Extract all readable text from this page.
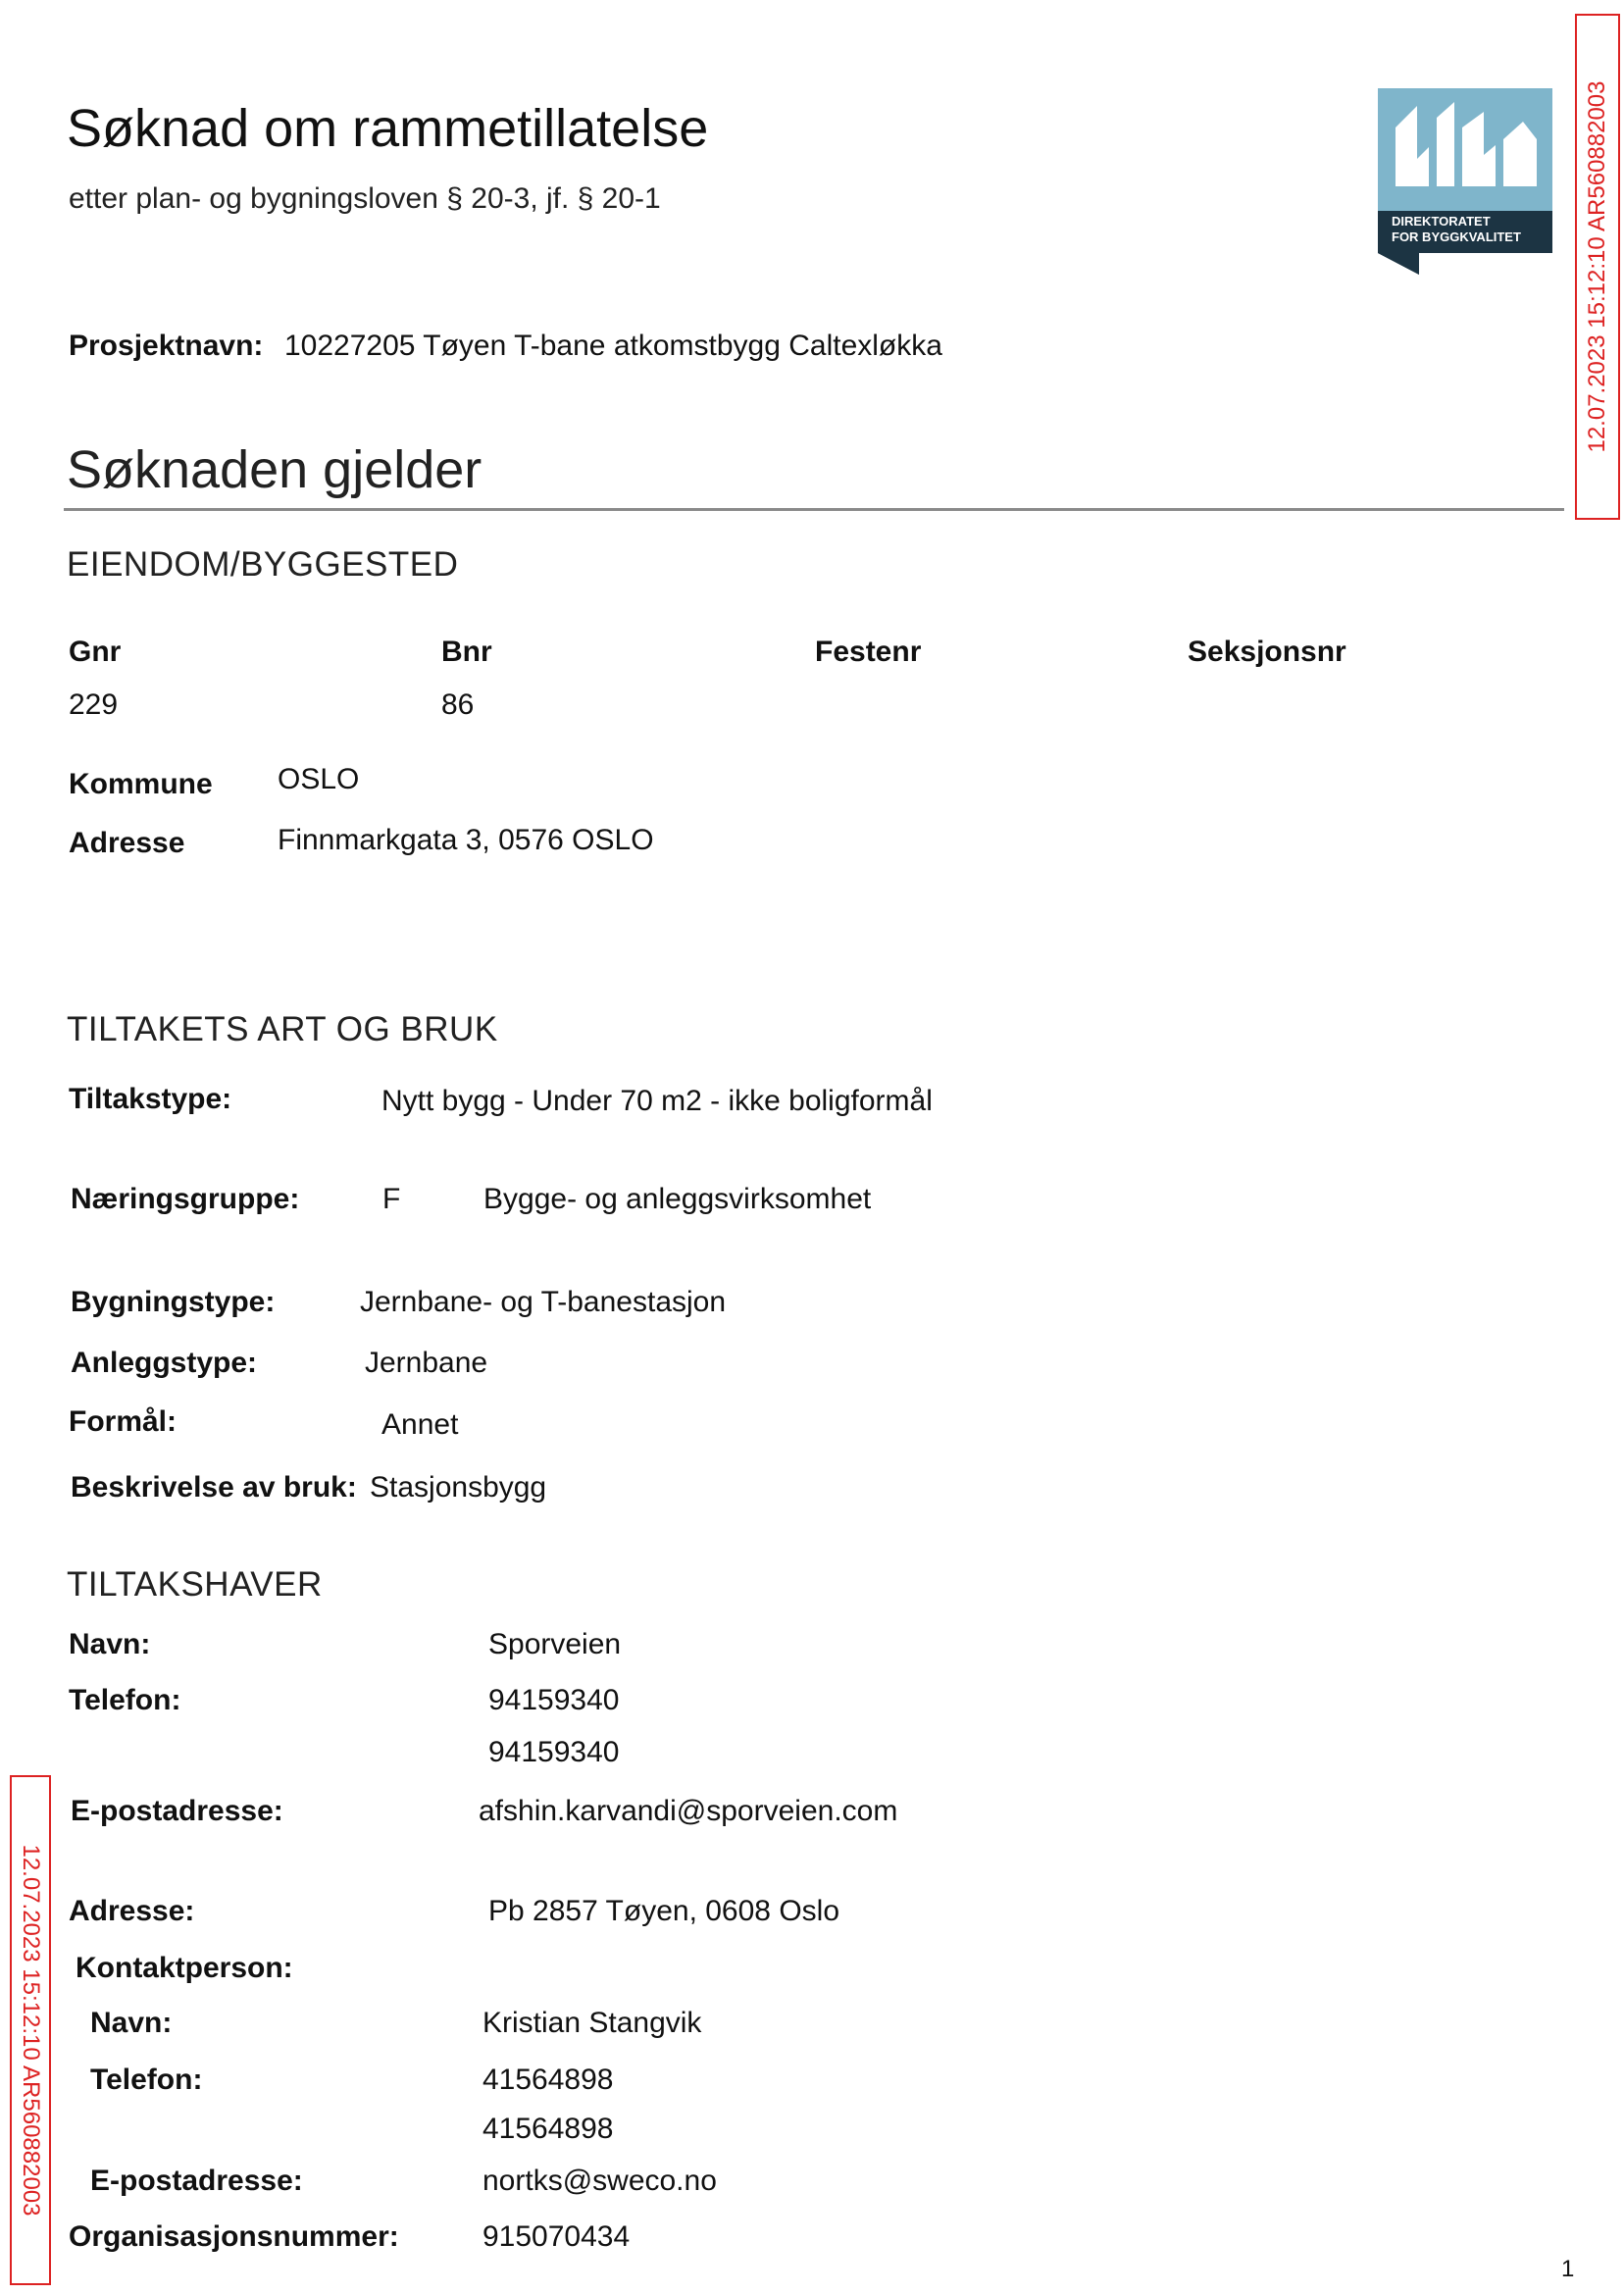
Søknad om rammetillatelse
etter plan- og bygningsloven § 20-3, jf. § 20-1
DIREKTORATET
FOR BYGGKVALITET
Prosjektnavn: 10227205 Tøyen T-bane atkomstbygg Caltexløkka
Søknaden gjelder
EIENDOM/BYGGESTED
Gnr	Bnr	Festenr	Seksjonsnr
229	86
Kommune OSLO
Adresse	Finnmarkgata 3, 0576 OSLO
TILTAKETS ART OG BRUK
Tiltakstype:	Nytt bygg - Under 70 m2 - ikke boligformål
Næringsgruppe:	F	Bygge- og anleggsvirksomhet
Bygningstype:	Jernbane- og T-banestasjon
Anleggstype:	Jernbane
Formål:	Annet
Beskrivelse av bruk: Stasjonsbygg
TILTAKSHAVER
Navn:	Sporveien
Telefon:	94159340
94159340
E-postadresse:	afshin.karvandi@sporveien.com
Adresse:	Pb 2857 Tøyen, 0608 Oslo
Kontaktperson:
Navn:	Kristian Stangvik
Telefon:	41564898
41564898
E-postadresse:	nortks@sweco.no
Organisasjonsnummer:	915070434
12.07.2023 15:12:10 AR560882003
12.07.2023 15:12:10 AR560882003
1
